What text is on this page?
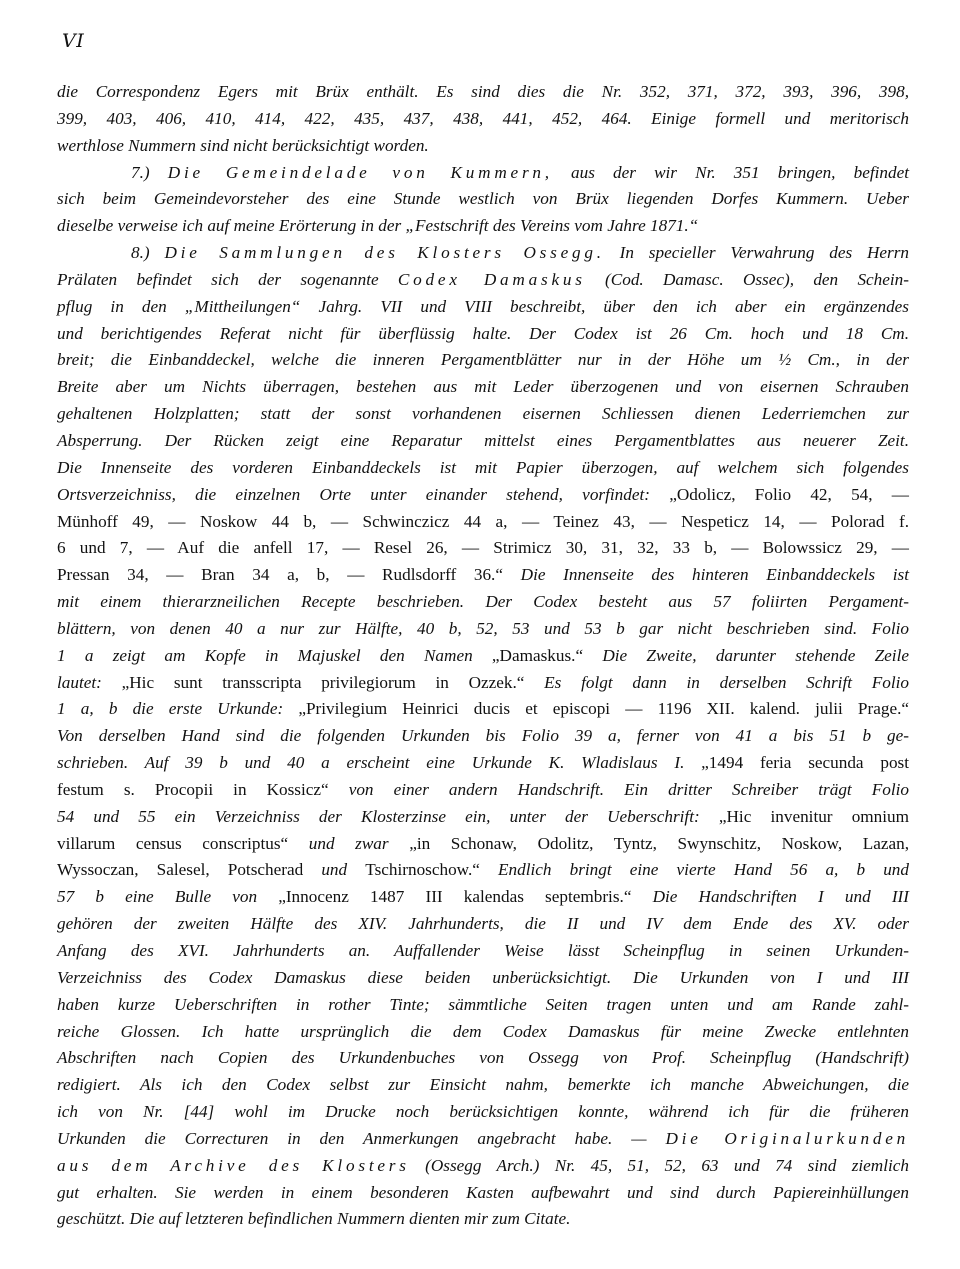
VI
die Correspondenz Egers mit Brüx enthält. Es sind dies die Nr. 352, 371, 372, 393, 396, 398,
399, 403, 406, 410, 414, 422, 435, 437, 438, 441, 452, 464. Einige formell und meritorisch
werthlose Nummern sind nicht berücksichtigt worden.
7.) Die Gemeindelade von Kummern, aus der wir Nr. 351 bringen, befindet
sich beim Gemeindevorsteher des eine Stunde westlich von Brüx liegenden Dorfes Kummern. Ueber
dieselbe verweise ich auf meine Erörterung in der „Festschrift des Vereins vom Jahre 1871.“
8.) Die Sammlungen des Klosters Ossegg. In specieller Verwahrung des Herrn
Prälaten befindet sich der sogenannte Codex Damaskus (Cod. Damasc. Ossec), den Schein-
pflug in den „Mittheilungen“ Jahrg. VII und VIII beschreibt, über den ich aber ein ergänzendes
und berichtigendes Referat nicht für überflüssig halte. Der Codex ist 26 Cm. hoch und 18 Cm.
breit; die Einbanddeckel, welche die inneren Pergamentblätter nur in der Höhe um ½ Cm., in der
Breite aber um Nichts überragen, bestehen aus mit Leder überzogenen und von eisernen Schrauben
gehaltenen Holzplatten; statt der sonst vorhandenen eisernen Schliessen dienen Lederriemchen zur
Absperrung. Der Rücken zeigt eine Reparatur mittelst eines Pergamentblattes aus neuerer Zeit.
Die Innenseite des vorderen Einbanddeckels ist mit Papier überzogen, auf welchem sich folgendes
Ortsverzeichniss, die einzelnen Orte unter einander stehend, vorfindet: „Odolicz, Folio 42, 54, —
Münhoff 49, — Noskow 44 b, — Schwinczicz 44 a, — Teinez 43, — Nespeticz 14, — Polorad f.
6 und 7, — Auf die anfell 17, — Resel 26, — Strimicz 30, 31, 32, 33 b, — Bolowssicz 29, —
Pressan 34, — Bran 34 a, b, — Rudlsdorff 36.“ Die Innenseite des hinteren Einbanddeckels ist
mit einem thierarzneilichen Recepte beschrieben. Der Codex besteht aus 57 foliirten Pergament-
blättern, von denen 40 a nur zur Hälfte, 40 b, 52, 53 und 53 b gar nicht beschrieben sind. Folio
1 a zeigt am Kopfe in Majuskel den Namen „Damaskus.“ Die Zweite, darunter stehende Zeile
lautet: „Hic sunt transscripta privilegiorum in Ozzek.“ Es folgt dann in derselben Schrift Folio
1 a, b die erste Urkunde: „Privilegium Heinrici ducis et episcopi — 1196 XII. kalend. julii Prage.“
Von derselben Hand sind die folgenden Urkunden bis Folio 39 a, ferner von 41 a bis 51 b ge-
schrieben. Auf 39 b und 40 a erscheint eine Urkunde K. Wladislaus I. „1494 feria secunda post
festum s. Procopii in Kossicz“ von einer andern Handschrift. Ein dritter Schreiber trägt Folio
54 und 55 ein Verzeichniss der Klosterzinse ein, unter der Ueberschrift: „Hic invenitur omnium
villarum census conscriptus“ und zwar „in Schonaw, Odolitz, Tyntz, Swynschitz, Noskow, Lazan,
Wyssoczan, Salesel, Potscherad und Tschirnoschow.“ Endlich bringt eine vierte Hand 56 a, b und
57 b eine Bulle von „Innocenz 1487 III kalendas septembris.“ Die Handschriften I und III
gehören der zweiten Hälfte des XIV. Jahrhunderts, die II und IV dem Ende des XV. oder
Anfang des XVI. Jahrhunderts an. Auffallender Weise lässt Scheinpflug in seinen Urkunden-
Verzeichniss des Codex Damaskus diese beiden unberücksichtigt. Die Urkunden von I und III
haben kurze Ueberschriften in rother Tinte; sämmtliche Seiten tragen unten und am Rande zahl-
reiche Glossen. Ich hatte ursprünglich die dem Codex Damaskus für meine Zwecke entlehnten
Abschriften nach Copien des Urkundenbuches von Ossegg von Prof. Scheinpflug (Handschrift)
redigiert. Als ich den Codex selbst zur Einsicht nahm, bemerkte ich manche Abweichungen, die
ich von Nr. [44] wohl im Drucke noch berücksichtigen konnte, während ich für die früheren
Urkunden die Correcturen in den Anmerkungen angebracht habe. — Die Originalurkunden
aus dem Archive des Klosters (Ossegg Arch.) Nr. 45, 51, 52, 63 und 74 sind ziemlich
gut erhalten. Sie werden in einem besonderen Kasten aufbewahrt und sind durch Papiereinhüllungen
geschützt. Die auf letzteren befindlichen Nummern dienten mir zum Citate.
